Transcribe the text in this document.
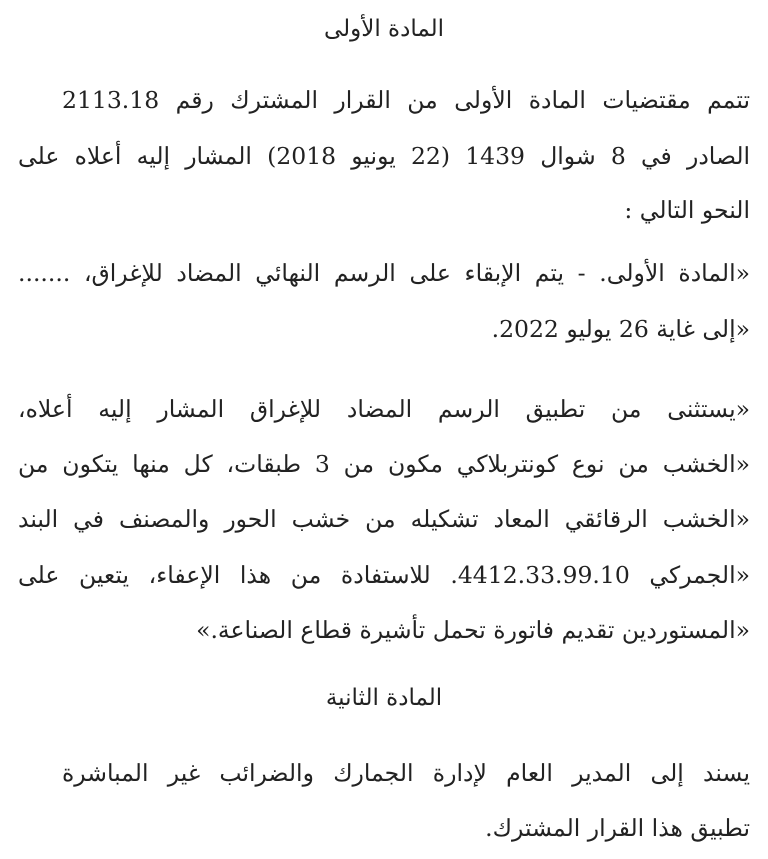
المادة الأولى

تتمم مقتضيات المادة الأولى من القرار المشترك رقم 2113.18

الصادر في 8 شوال 1439 (22 يونيو 2018) المشار إليه أعلاه على

النحو التالي :

«المادة الأولى. - يتم الإبقاء على الرسم النهائي المضاد للإغراق، .......

«إلى غاية 26 يوليو 2022.

«يستثنى من تطبيق الرسم المضاد للإغراق المشار إليه أعلاه،

«الخشب من نوع كونتربلاكي مكون من 3 طبقات، كل منها يتكون من

«الخشب الرقائقي المعاد تشكيله من خشب الحور والمصنف في البند

«الجمركي 4412.33.99.10. للاستفادة من هذا الإعفاء، يتعين على

«المستوردين تقديم فاتورة تحمل تأشيرة قطاع الصناعة.»

المادة الثانية

يسند إلى المدير العام لإدارة الجمارك والضرائب غير المباشرة

تطبيق هذا القرار المشترك.
